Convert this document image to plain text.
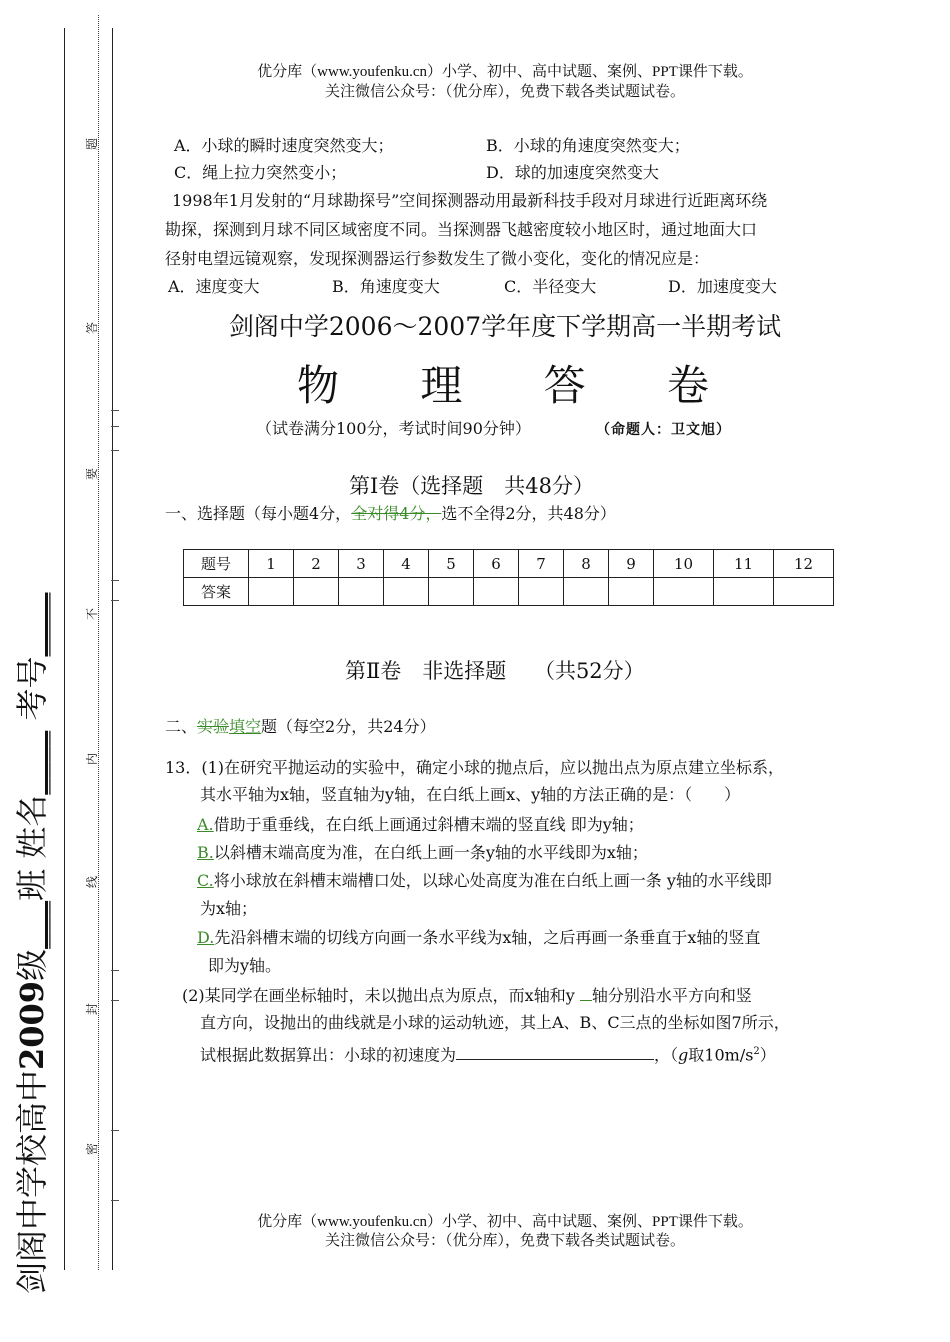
优分库（www.youfenku.cn）小学、初中、高中试题、案例、PPT课件下载。
关注微信公众号：（优分库），免费下载各类试题试卷。
剑阁中学校高中2009级___班 姓名____ 考号____
密
封
线
内
不
要
答
题	A．小球的瞬时速度突然变大；	B．小球的角速度突然变大；
C．绳上拉力突然变小；	D．球的加速度突然变大
1998年1月发射的“月球勘探号”空间探测器动用最新科技手段对月球进行近距离环绕
勘探，探测到月球不同区域密度不同。当探测器飞越密度较小地区时，通过地面大口
径射电望远镜观察，发现探测器运行参数发生了微小变化，变化的情况应是：
A．速度变大	B．角速度变大	C．半径变大	D．加速度变大
剑阁中学2006～2007学年度下学期高一半期考试
物 理 答 卷
（试卷满分100分，考试时间90分钟）	（命题人：卫文旭）
第Ⅰ卷（选择题　共48分）
一、选择题（每小题4分，全对得4分，选不全得2分，共48分）
题号	1	2	3	4	5	6	7	8	9	10	11	12
答案												
第Ⅱ卷　非选择题　 （共52分）
二、实验填空题（每空2分，共24分）
13．(1)在研究平抛运动的实验中，确定小球的抛点后，应以抛出点为原点建立坐标系，
其水平轴为x轴，竖直轴为y轴，在白纸上画x、y轴的方法正确的是：（　　）
A.借助于重垂线，在白纸上画通过斜槽末端的竖直线 即为y轴；
B.以斜槽末端高度为准，在白纸上画一条y轴的水平线即为x轴；
C.将小球放在斜槽末端槽口处，以球心处高度为准在白纸上画一条 y轴的水平线即
为x轴；
D.先沿斜槽末端的切线方向画一条水平线为x轴，之后再画一条垂直于x轴的竖直
即为y轴。
(2)某同学在画坐标轴时，未以抛出点为原点，而x轴和y 轴分别沿水平方向和竖
直方向，设抛出的曲线就是小球的运动轨迹，其上A、B、C三点的坐标如图7所示，
试根据此数据算出：小球的初速度为	，（g取$10m/s^2$）
优分库（www.youfenku.cn）小学、初中、高中试题、案例、PPT课件下载。
关注微信公众号：（优分库），免费下载各类试题试卷。
